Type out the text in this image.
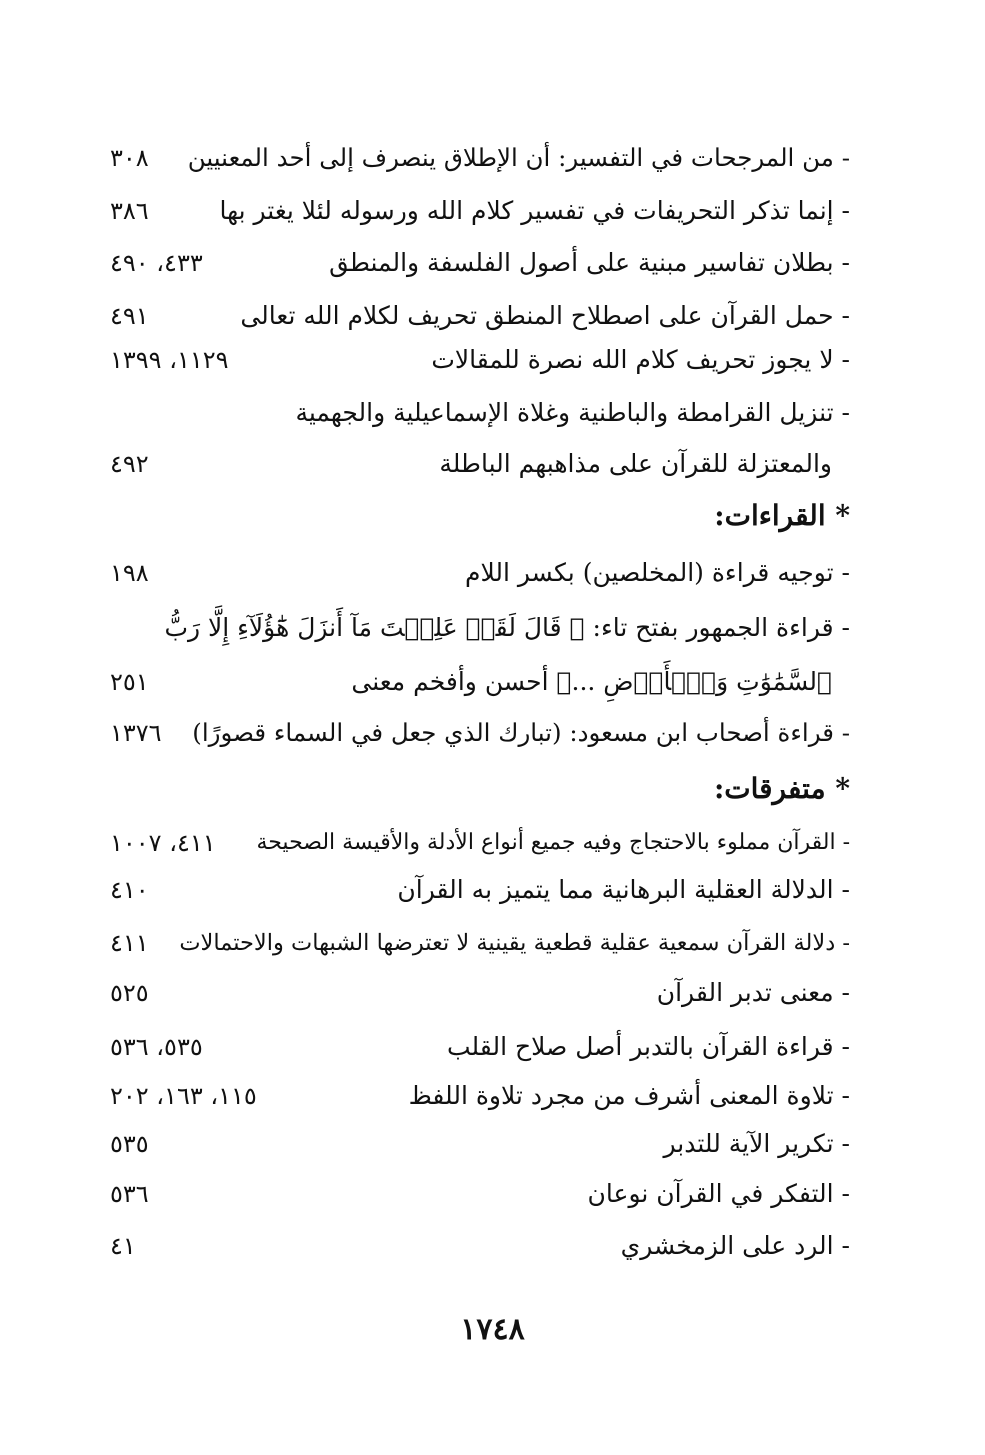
- من المرجحات في التفسير: أن الإطلاق ينصرف إلى أحد المعنيين
٣٠٨
- إنما تذكر التحريفات في تفسير كلام الله ورسوله لئلا يغتر بها
٣٨٦
- بطلان تفاسير مبنية على أصول الفلسفة والمنطق
٤٣٣، ٤٩٠
- حمل القرآن على اصطلاح المنطق تحريف لكلام الله تعالى
٤٩١
- لا يجوز تحريف كلام الله نصرة للمقالات
١١٢٩، ١٣٩٩
- تنزيل القرامطة والباطنية وغلاة الإسماعيلية والجهمية
والمعتزلة للقرآن على مذاهبهم الباطلة
٤٩٢
* القراءات:
- توجيه قراءة (المخلصين) بكسر اللام
١٩٨
- قراءة الجمهور بفتح تاء: ﴿ قَالَ لَقَدۡ عَلِمۡتَ مَآ أَنزَلَ هَٰٓؤُلَآءِ إِلَّا رَبُّ
ٱلسَّمَٰوَٰتِ وَٱلۡأَرۡضِ ...﴾ أحسن وأفخم معنى
٢٥١
- قراءة أصحاب ابن مسعود: (تبارك الذي جعل في السماء قصورًا)
١٣٧٦
* متفرقات:
- القرآن مملوء بالاحتجاج وفيه جميع أنواع الأدلة والأقيسة الصحيحة
٤١١، ١٠٠٧
- الدلالة العقلية البرهانية مما يتميز به القرآن
٤١٠
- دلالة القرآن سمعية عقلية قطعية يقينية لا تعترضها الشبهات والاحتمالات
٤١١
- معنى تدبر القرآن
٥٢٥
- قراءة القرآن بالتدبر أصل صلاح القلب
٥٣٥، ٥٣٦
- تلاوة المعنى أشرف من مجرد تلاوة اللفظ
١١٥، ١٦٣، ٢٠٢
- تكرير الآية للتدبر
٥٣٥
- التفكر في القرآن نوعان
٥٣٦
- الرد على الزمخشري
٤١
١٧٤٨
